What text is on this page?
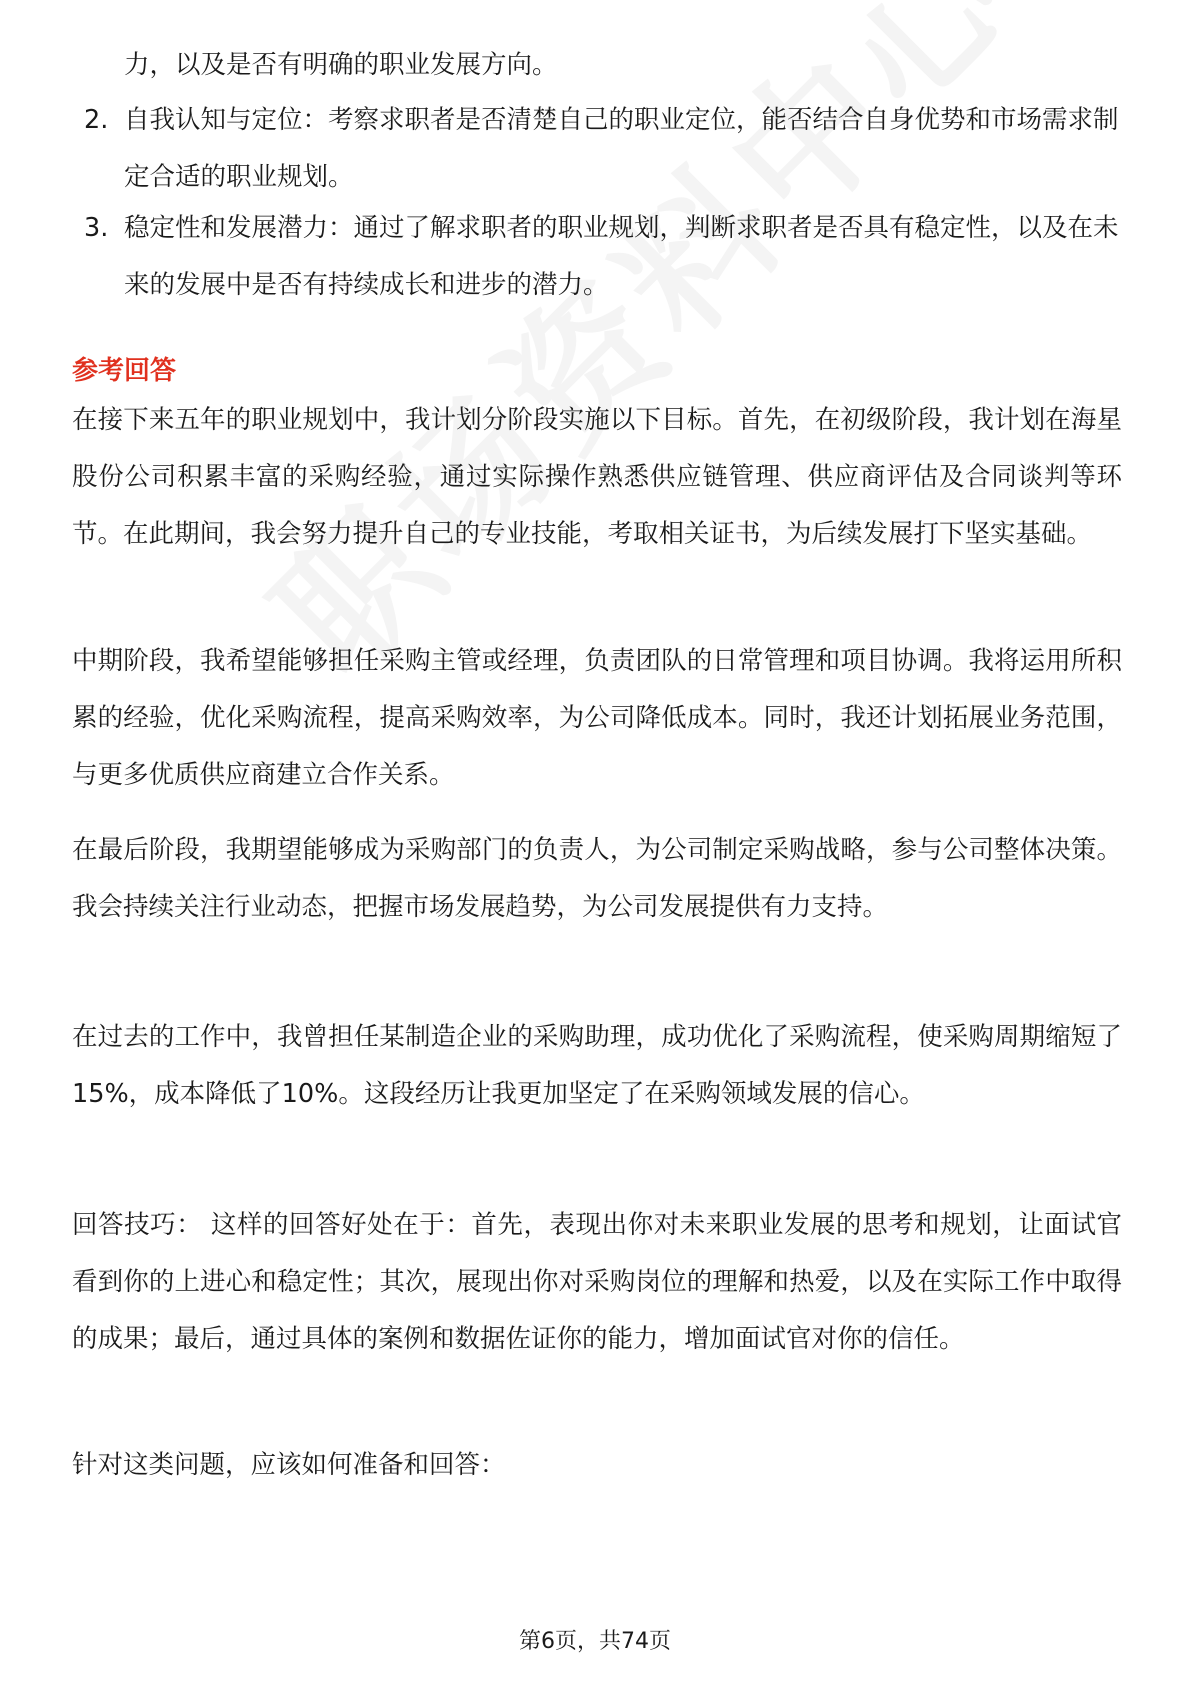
力，以及是否有明确的职业发展方向。
2. 自我认知与定位：考察求职者是否清楚自己的职业定位，能否结合自身优势和市场需求制定合适的职业规划。
3. 稳定性和发展潜力：通过了解求职者的职业规划，判断求职者是否具有稳定性，以及在未来的发展中是否有持续成长和进步的潜力。
参考回答

在接下来五年的职业规划中，我计划分阶段实施以下目标。首先，在初级阶段，我计划在海星股份公司积累丰富的采购经验，通过实际操作熟悉供应链管理、供应商评估及合同谈判等环节。在此期间，我会努力提升自己的专业技能，考取相关证书，为后续发展打下坚实基础。

中期阶段，我希望能够担任采购主管或经理，负责团队的日常管理和项目协调。我将运用所积累的经验，优化采购流程，提高采购效率，为公司降低成本。同时，我还计划拓展业务范围，与更多优质供应商建立合作关系。

在最后阶段，我期望能够成为采购部门的负责人，为公司制定采购战略，参与公司整体决策。我会持续关注行业动态，把握市场发展趋势，为公司发展提供有力支持。

在过去的工作中，我曾担任某制造企业的采购助理，成功优化了采购流程，使采购周期缩短了15%，成本降低了10%。这段经历让我更加坚定了在采购领域发展的信心。

回答技巧： 这样的回答好处在于：首先，表现出你对未来职业发展的思考和规划，让面试官看到你的上进心和稳定性；其次，展现出你对采购岗位的理解和热爱，以及在实际工作中取得的成果；最后，通过具体的案例和数据佐证你的能力，增加面试官对你的信任。

针对这类问题，应该如何准备和回答：

第6页，共74页
